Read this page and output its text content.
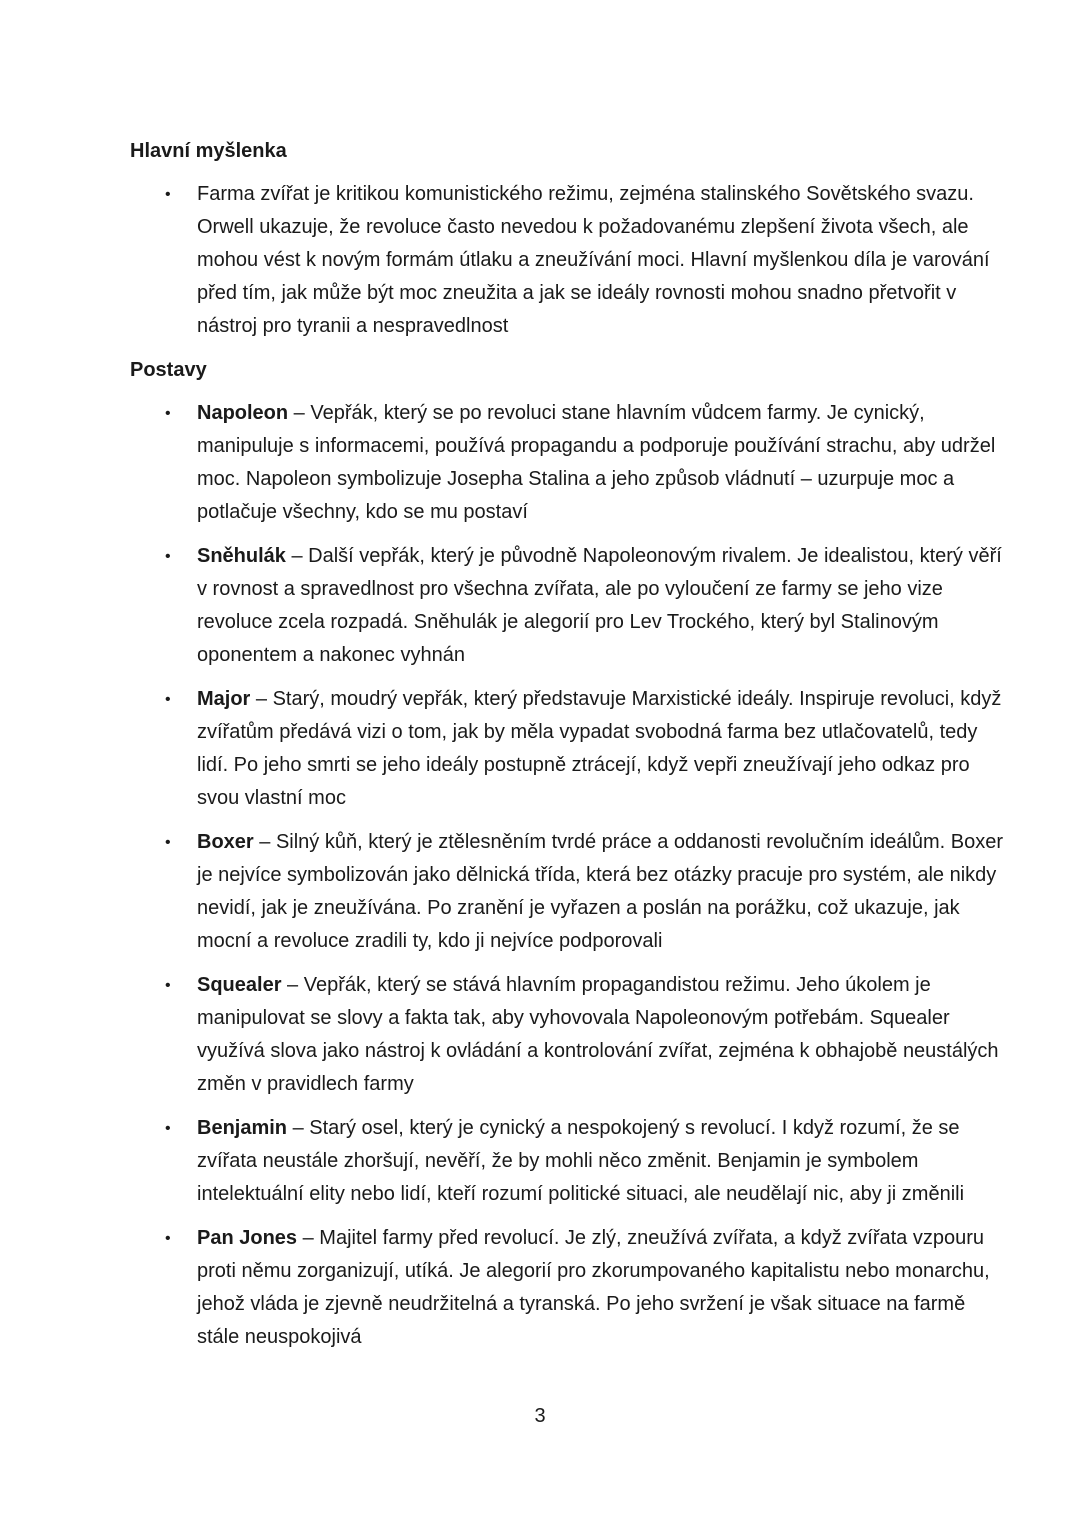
Hlavní myšlenka
•	Farma zvířat je kritikou komunistického režimu, zejména stalinského Sovětského svazu. Orwell ukazuje, že revoluce často nevedou k požadovanému zlepšení života všech, ale mohou vést k novým formám útlaku a zneužívání moci. Hlavní myšlenkou díla je varování před tím, jak může být moc zneužita a jak se ideály rovnosti mohou snadno přetvořit v nástroj pro tyranii a nespravedlnost

Postavy
•	Napoleon – Vepřák, který se po revoluci stane hlavním vůdcem farmy. Je cynický, manipuluje s informacemi, používá propagandu a podporuje používání strachu, aby udržel moc. Napoleon symbolizuje Josepha Stalina a jeho způsob vládnutí – uzurpuje moc a potlačuje všechny, kdo se mu postaví

•	Sněhulák – Další vepřák, který je původně Napoleonovým rivalem. Je idealistou, který věří v rovnost a spravedlnost pro všechna zvířata, ale po vyloučení ze farmy se jeho vize revoluce zcela rozpadá. Sněhulák je alegorií pro Lev Trockého, který byl Stalinovým oponentem a nakonec vyhnán

•	Major – Starý, moudrý vepřák, který představuje Marxistické ideály. Inspiruje revoluci, když zvířatům předává vizi o tom, jak by měla vypadat svobodná farma bez utlačovatelů, tedy lidí. Po jeho smrti se jeho ideály postupně ztrácejí, když vepři zneužívají jeho odkaz pro svou vlastní moc

•	Boxer – Silný kůň, který je ztělesněním tvrdé práce a oddanosti revolučním ideálům. Boxer je nejvíce symbolizován jako dělnická třída, která bez otázky pracuje pro systém, ale nikdy nevidí, jak je zneužívána. Po zranění je vyřazen a poslán na porážku, což ukazuje, jak mocní a revoluce zradili ty, kdo ji nejvíce podporovali

•	Squealer – Vepřák, který se stává hlavním propagandistou režimu. Jeho úkolem je manipulovat se slovy a fakta tak, aby vyhovovala Napoleonovým potřebám. Squealer využívá slova jako nástroj k ovládání a kontrolování zvířat, zejména k obhajobě neustálých změn v pravidlech farmy

•	Benjamin – Starý osel, který je cynický a nespokojený s revolucí. I když rozumí, že se zvířata neustále zhoršují, nevěří, že by mohli něco změnit. Benjamin je symbolem intelektuální elity nebo lidí, kteří rozumí politické situaci, ale neudělají nic, aby ji změnili

•	Pan Jones – Majitel farmy před revolucí. Je zlý, zneužívá zvířata, a když zvířata vzpouru proti němu zorganizují, utíká. Je alegorií pro zkorumpovaného kapitalistu nebo monarchu, jehož vláda je zjevně neudržitelná a tyranská. Po jeho svržení je však situace na farmě stále neuspokojivá

3
